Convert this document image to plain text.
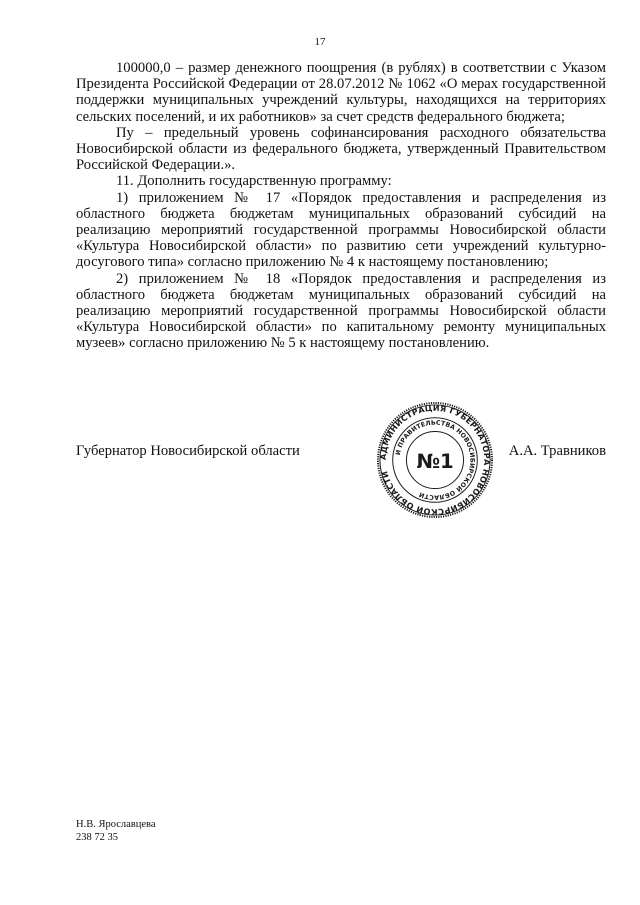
17

100000,0 – размер денежного поощрения (в рублях) в соответствии с Указом Президента Российской Федерации от 28.07.2012 № 1062 «О мерах государственной поддержки муниципальных учреждений культуры, находящихся на территориях сельских поселений, и их работников» за счет средств федерального бюджета;

Пу – предельный уровень софинансирования расходного обязательства Новосибирской области из федерального бюджета, утвержденный Правительством Российской Федерации.».

11. Дополнить государственную программу:

1) приложением № 17 «Порядок предоставления и распределения из областного бюджета бюджетам муниципальных образований субсидий на реализацию мероприятий государственной программы Новосибирской области «Культура Новосибирской области» по развитию сети учреждений культурно-досугового типа» согласно приложению № 4 к настоящему постановлению;

2) приложением № 18 «Порядок предоставления и распределения из областного бюджета бюджетам муниципальных образований субсидий на реализацию мероприятий государственной программы Новосибирской области «Культура Новосибирской области» по капитальному ремонту муниципальных музеев» согласно приложению № 5 к настоящему постановлению.

Губернатор Новосибирской области	А.А. Травников
АДМИНИСТРАЦИЯ ГУБЕРНАТОРА НОВОСИБИРСКОЙ ОБЛАСТИ
И ПРАВИТЕЛЬСТВА НОВОСИБИРСКОЙ ОБЛАСТИ
№1
Н.В. Ярославцева
238 72 35
